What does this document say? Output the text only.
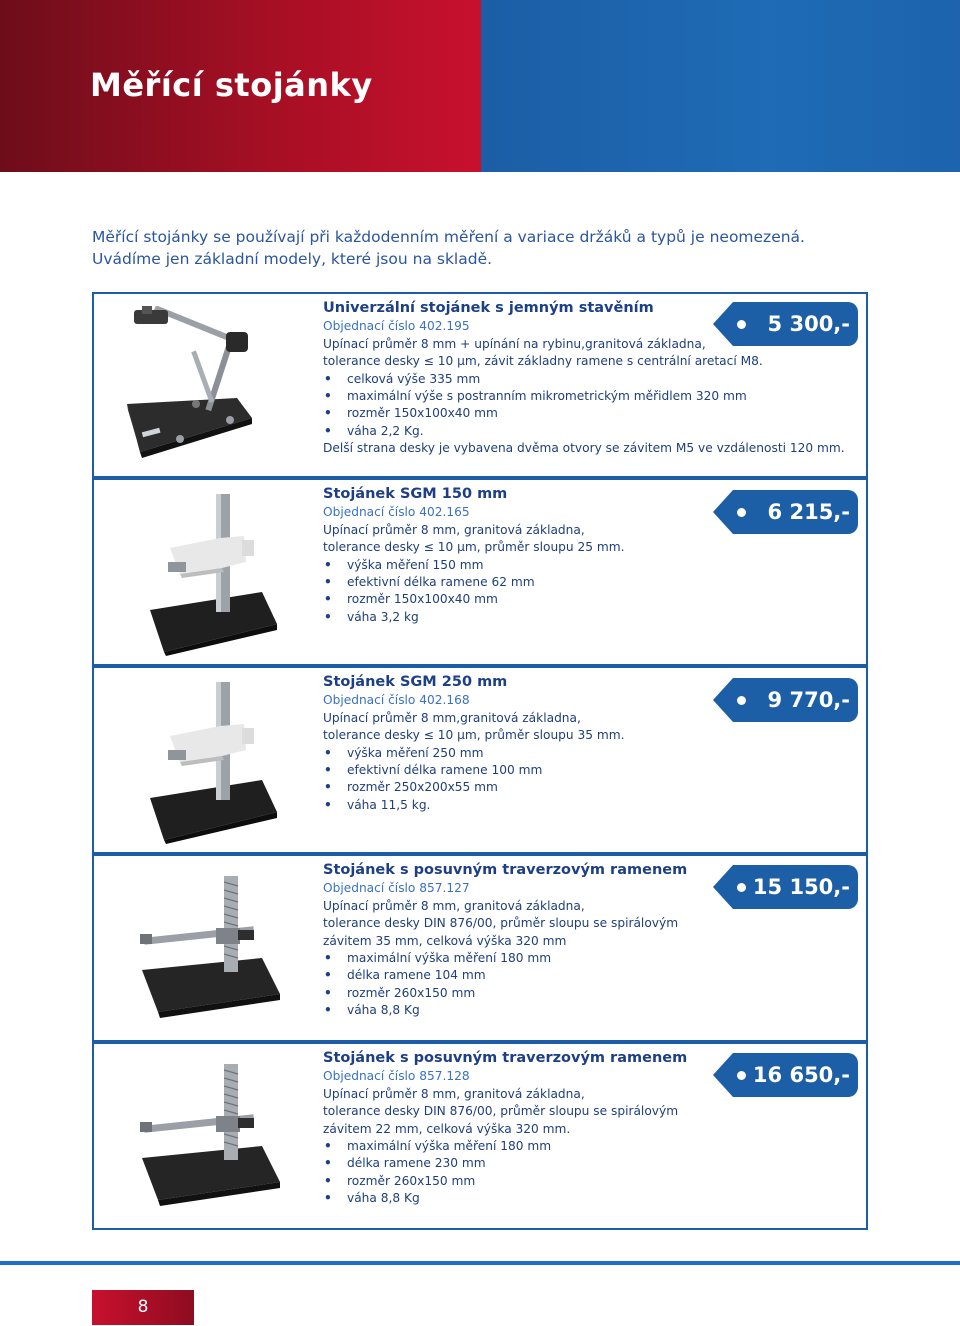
Měřící stojánky
Měřící stojánky se používají při každodenním měření a variace držáků a typů je neomezená.
Uvádíme jen základní modely, které jsou na skladě.
Univerzální stojánek s jemným stavěním
Objednací číslo 402.195
Upínací průměr 8 mm + upínání na rybinu,granitová základna,
tolerance desky ≤ 10 µm, závit základny ramene s centrální aretací M8.
• celková výše 335 mm
• maximální výše s postranním mikrometrickým měřidlem 320 mm
• rozměr 150x100x40 mm
• váha 2,2 Kg.
Delší strana desky je vybavena dvěma otvory se závitem M5 ve vzdálenosti 120 mm.
5 300,-
Stojánek SGM 150 mm
Objednací číslo 402.165
Upínací průměr 8 mm, granitová základna,
tolerance desky ≤ 10 µm, průměr sloupu 25 mm.
• výška měření 150 mm
• efektivní délka ramene 62 mm
• rozměr 150x100x40 mm
• váha 3,2 kg
6 215,-
Stojánek SGM 250 mm
Objednací číslo 402.168
Upínací průměr 8 mm,granitová základna,
tolerance desky ≤ 10 µm, průměr sloupu 35 mm.
• výška měření 250 mm
• efektivní délka ramene 100 mm
• rozměr 250x200x55 mm
• váha 11,5 kg.
9 770,-
Stojánek s posuvným traverzovým ramenem
Objednací číslo 857.127
Upínací průměr 8 mm, granitová základna,
tolerance desky DIN 876/00, průměr sloupu se spirálovým
závitem 35 mm, celková výška 320 mm
• maximální výška měření 180 mm
• délka ramene 104 mm
• rozměr 260x150 mm
• váha 8,8 Kg
15 150,-
Stojánek s posuvným traverzovým ramenem
Objednací číslo 857.128
Upínací průměr 8 mm, granitová základna,
tolerance desky DIN 876/00, průměr sloupu se spirálovým
závitem 22 mm, celková výška 320 mm.
• maximální výška měření 180 mm
• délka ramene 230 mm
• rozměr 260x150 mm
• váha 8,8 Kg
16 650,-
8
